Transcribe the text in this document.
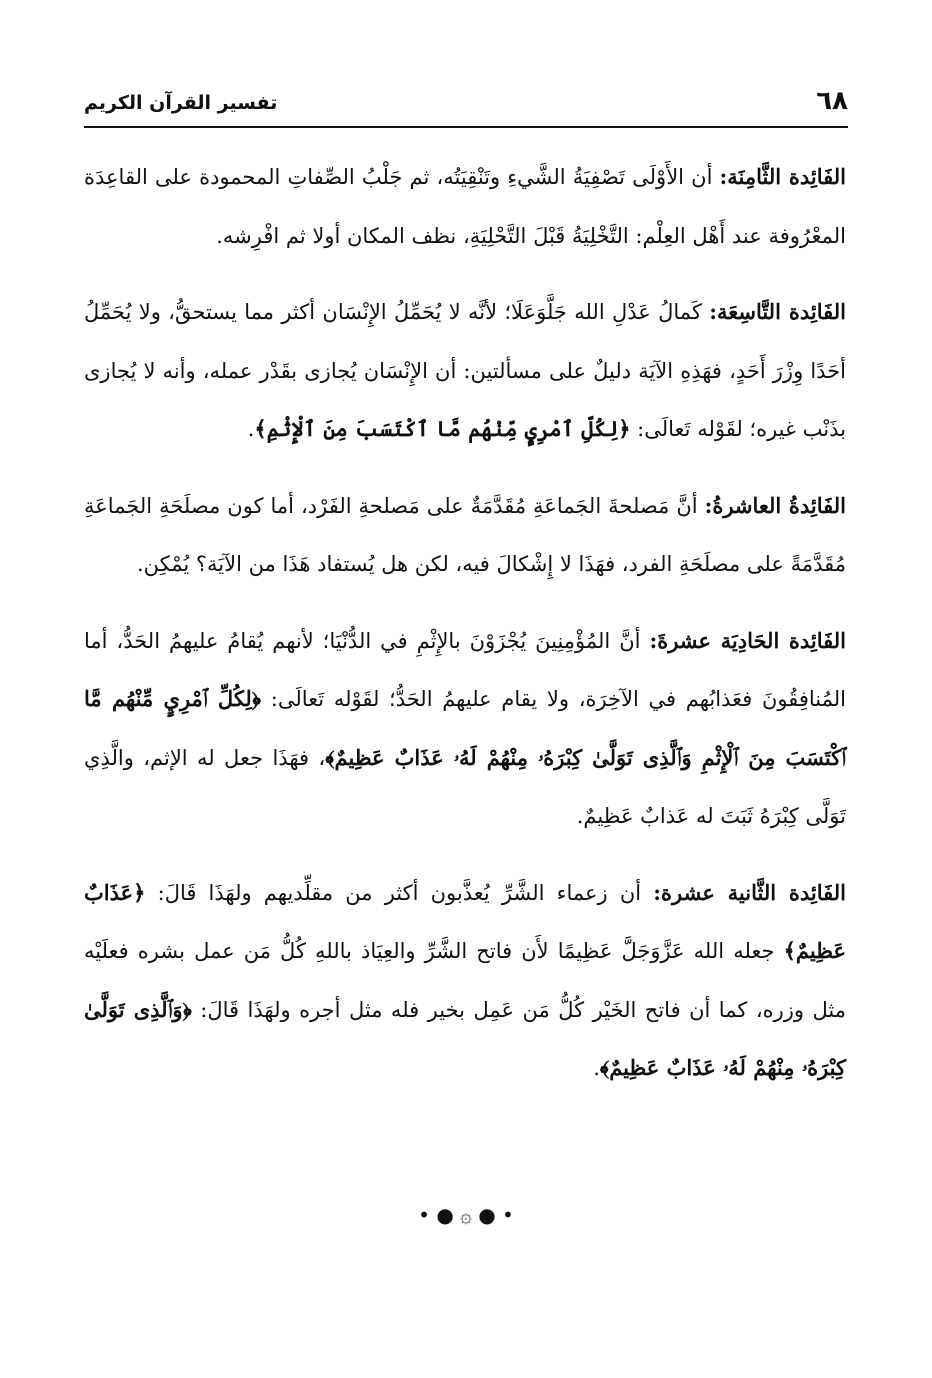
٦٨
تفسير القرآن الكريم

الفَائِدة الثَّامِنَة: أن الأَوْلَى تَصْفِيَةُ الشَّيءِ وتَنْقِيَتُه، ثم جَلْبُ الصِّفاتِ المحمودة على القاعِدَة المعْرُوفة عند أَهْل العِلْم: التَّخْلِيَةُ قَبْلَ التَّحْلِيَةِ، نظف المكان أولا ثم افْرِشه.

الفَائِدة التَّاسِعَة: كَمالُ عَدْلِ الله جَلَّوَعَلَا؛ لأنَّه لا يُحَمِّلُ الإِنْسَان أكثر مما يستحقُّ، ولا يُحَمِّلُ أحَدًا وِزْرَ أَحَدٍ، فهَذِهِ الآيَة دليلٌ على مسألتين: أن الإِنْسَان يُجازى بقَدْر عمله، وأنه لا يُجازى بذَنْب غيره؛ لقَوْله تَعالَى: ﴿لِكُلِّ ٱمْرِيٍٕ مِّنْهُم مَّا ٱكْتَسَبَ مِنَ ٱلْإِثْمِ﴾.

الفَائِدةُ العاشرةُ: أنَّ مَصلحةَ الجَماعَةِ مُقَدَّمَةٌ على مَصلحةِ الفَرْد، أما كون مصلَحَةِ الجَماعَةِ مُقَدَّمَةً على مصلَحَةِ الفرد، فهَذَا لا إِشْكالَ فيه، لكن هل يُستفاد هَذَا من الآيَة؟ يُمْكِن.

الفَائِدة الحَادِيَة عشرةَ: أنَّ المُؤْمِنِينَ يُجْزَوْنَ بالإِثْمِ في الدُّنْيَا؛ لأنهم يُقامُ عليهمُ الحَدُّ، أما المُنافِقُونَ فعَذابُهم في الآخِرَة، ولا يقام عليهمُ الحَدُّ؛ لقَوْله تَعالَى: ﴿لِكُلِّ ٱمْرِيٍٕ مِّنْهُم مَّا ٱكْتَسَبَ مِنَ ٱلْإِثْمِ وَٱلَّذِى تَوَلَّىٰ كِبْرَهُۥ مِنْهُمْ لَهُۥ عَذَابٌ عَظِيمٌ﴾، فهَذَا جعل له الإثم، والَّذِي تَوَلَّى كِبْرَهُ ثَبَتَ له عَذابٌ عَظِيمٌ.

الفَائِدة الثَّانية عشرة: أن زعماء الشَّرِّ يُعذَّبون أكثر من مقلِّديهم ولهَذَا قَالَ: ﴿عَذَابٌ عَظِيمٌ﴾ جعله الله عَزَّوَجَلَّ عَظِيمًا لأَن فاتح الشَّرِّ والعِيَاذ باللهِ كُلُّ مَن عمل بشره فعلَيْه مثل وزره، كما أن فاتح الخَيْر كُلُّ مَن عَمِل بخير فله مثل أجره ولهَذَا قَالَ: ﴿وَٱلَّذِى تَوَلَّىٰ كِبْرَهُۥ مِنْهُمْ لَهُۥ عَذَابٌ عَظِيمٌ﴾.

• ● ۞ ● •
